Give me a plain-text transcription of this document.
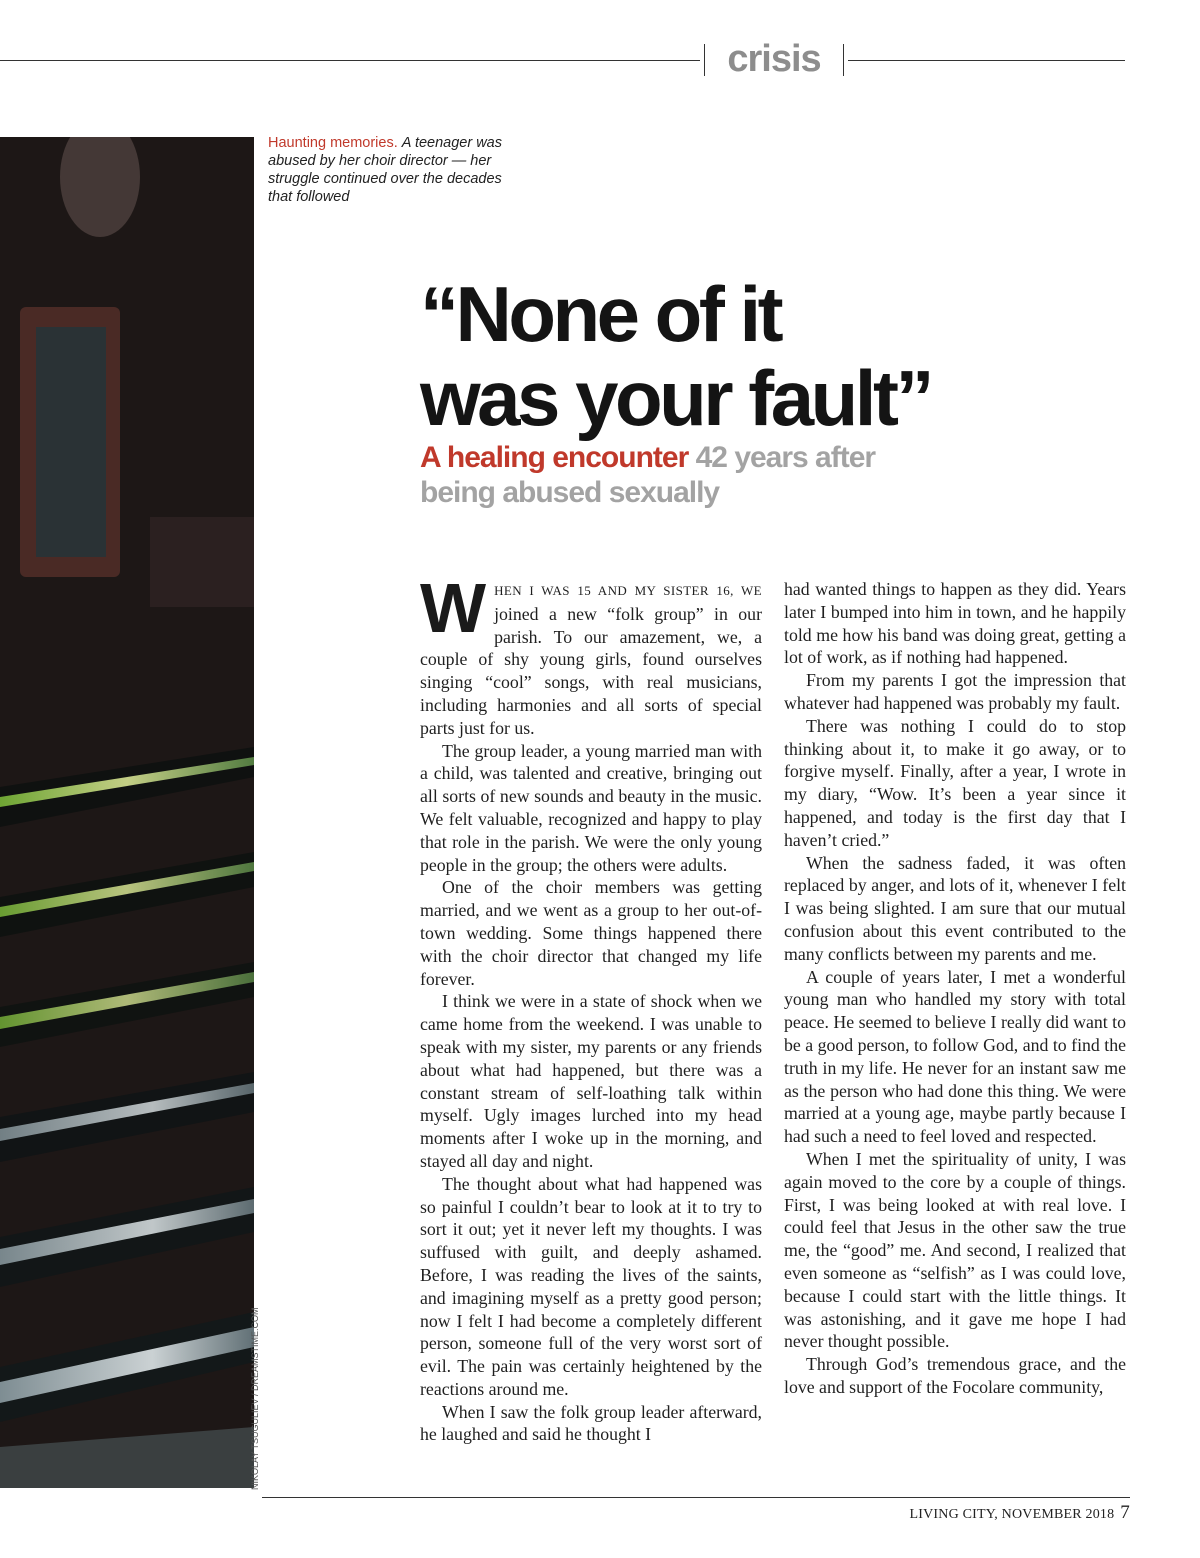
crisis
NIKOLAY TSUGULIEV / DREAMSTIME.COM
Haunting memories. A teenager was abused by her choir director — her struggle continued over the decades that followed
“None of it
was your fault”
A healing encounter 42 years after being abused sexually

WHEN I WAS 15 AND MY SISTER 16, WE joined a new “folk group” in our parish. To our amazement, we, a couple of shy young girls, found ourselves singing “cool” songs, with real musicians, including harmonies and all sorts of special parts just for us.

The group leader, a young married man with a child, was talented and creative, bringing out all sorts of new sounds and beauty in the music. We felt valuable, recognized and happy to play that role in the parish. We were the only young people in the group; the others were adults.

One of the choir members was getting married, and we went as a group to her out-of-town wedding. Some things happened there with the choir director that changed my life forever.

I think we were in a state of shock when we came home from the weekend. I was unable to speak with my sister, my parents or any friends about what had happened, but there was a constant stream of self-loathing talk within myself. Ugly images lurched into my head moments after I woke up in the morning, and stayed all day and night.

The thought about what had happened was so painful I couldn’t bear to look at it to try to sort it out; yet it never left my thoughts. I was suffused with guilt, and deeply ashamed. Before, I was reading the lives of the saints, and imagining myself as a pretty good person; now I felt I had become a completely different person, someone full of the very worst sort of evil. The pain was certainly heightened by the reactions around me.

When I saw the folk group leader afterward, he laughed and said he thought I

had wanted things to happen as they did. Years later I bumped into him in town, and he happily told me how his band was doing great, getting a lot of work, as if nothing had happened.

From my parents I got the impression that whatever had happened was probably my fault.

There was nothing I could do to stop thinking about it, to make it go away, or to forgive myself. Finally, after a year, I wrote in my diary, “Wow. It’s been a year since it happened, and today is the first day that I haven’t cried.”

When the sadness faded, it was often replaced by anger, and lots of it, whenever I felt I was being slighted. I am sure that our mutual confusion about this event contributed to the many conflicts between my parents and me.

A couple of years later, I met a wonderful young man who handled my story with total peace. He seemed to believe I really did want to be a good person, to follow God, and to find the truth in my life. He never for an instant saw me as the person who had done this thing. We were married at a young age, maybe partly because I had such a need to feel loved and respected.

When I met the spirituality of unity, I was again moved to the core by a couple of things. First, I was being looked at with real love. I could feel that Jesus in the other saw the true me, the “good” me. And second, I realized that even someone as “selfish” as I was could love, because I could start with the little things. It was astonishing, and it gave me hope I had never thought possible.

Through God’s tremendous grace, and the love and support of the Focolare community,

LIVING CITY, NOVEMBER 2018 7
